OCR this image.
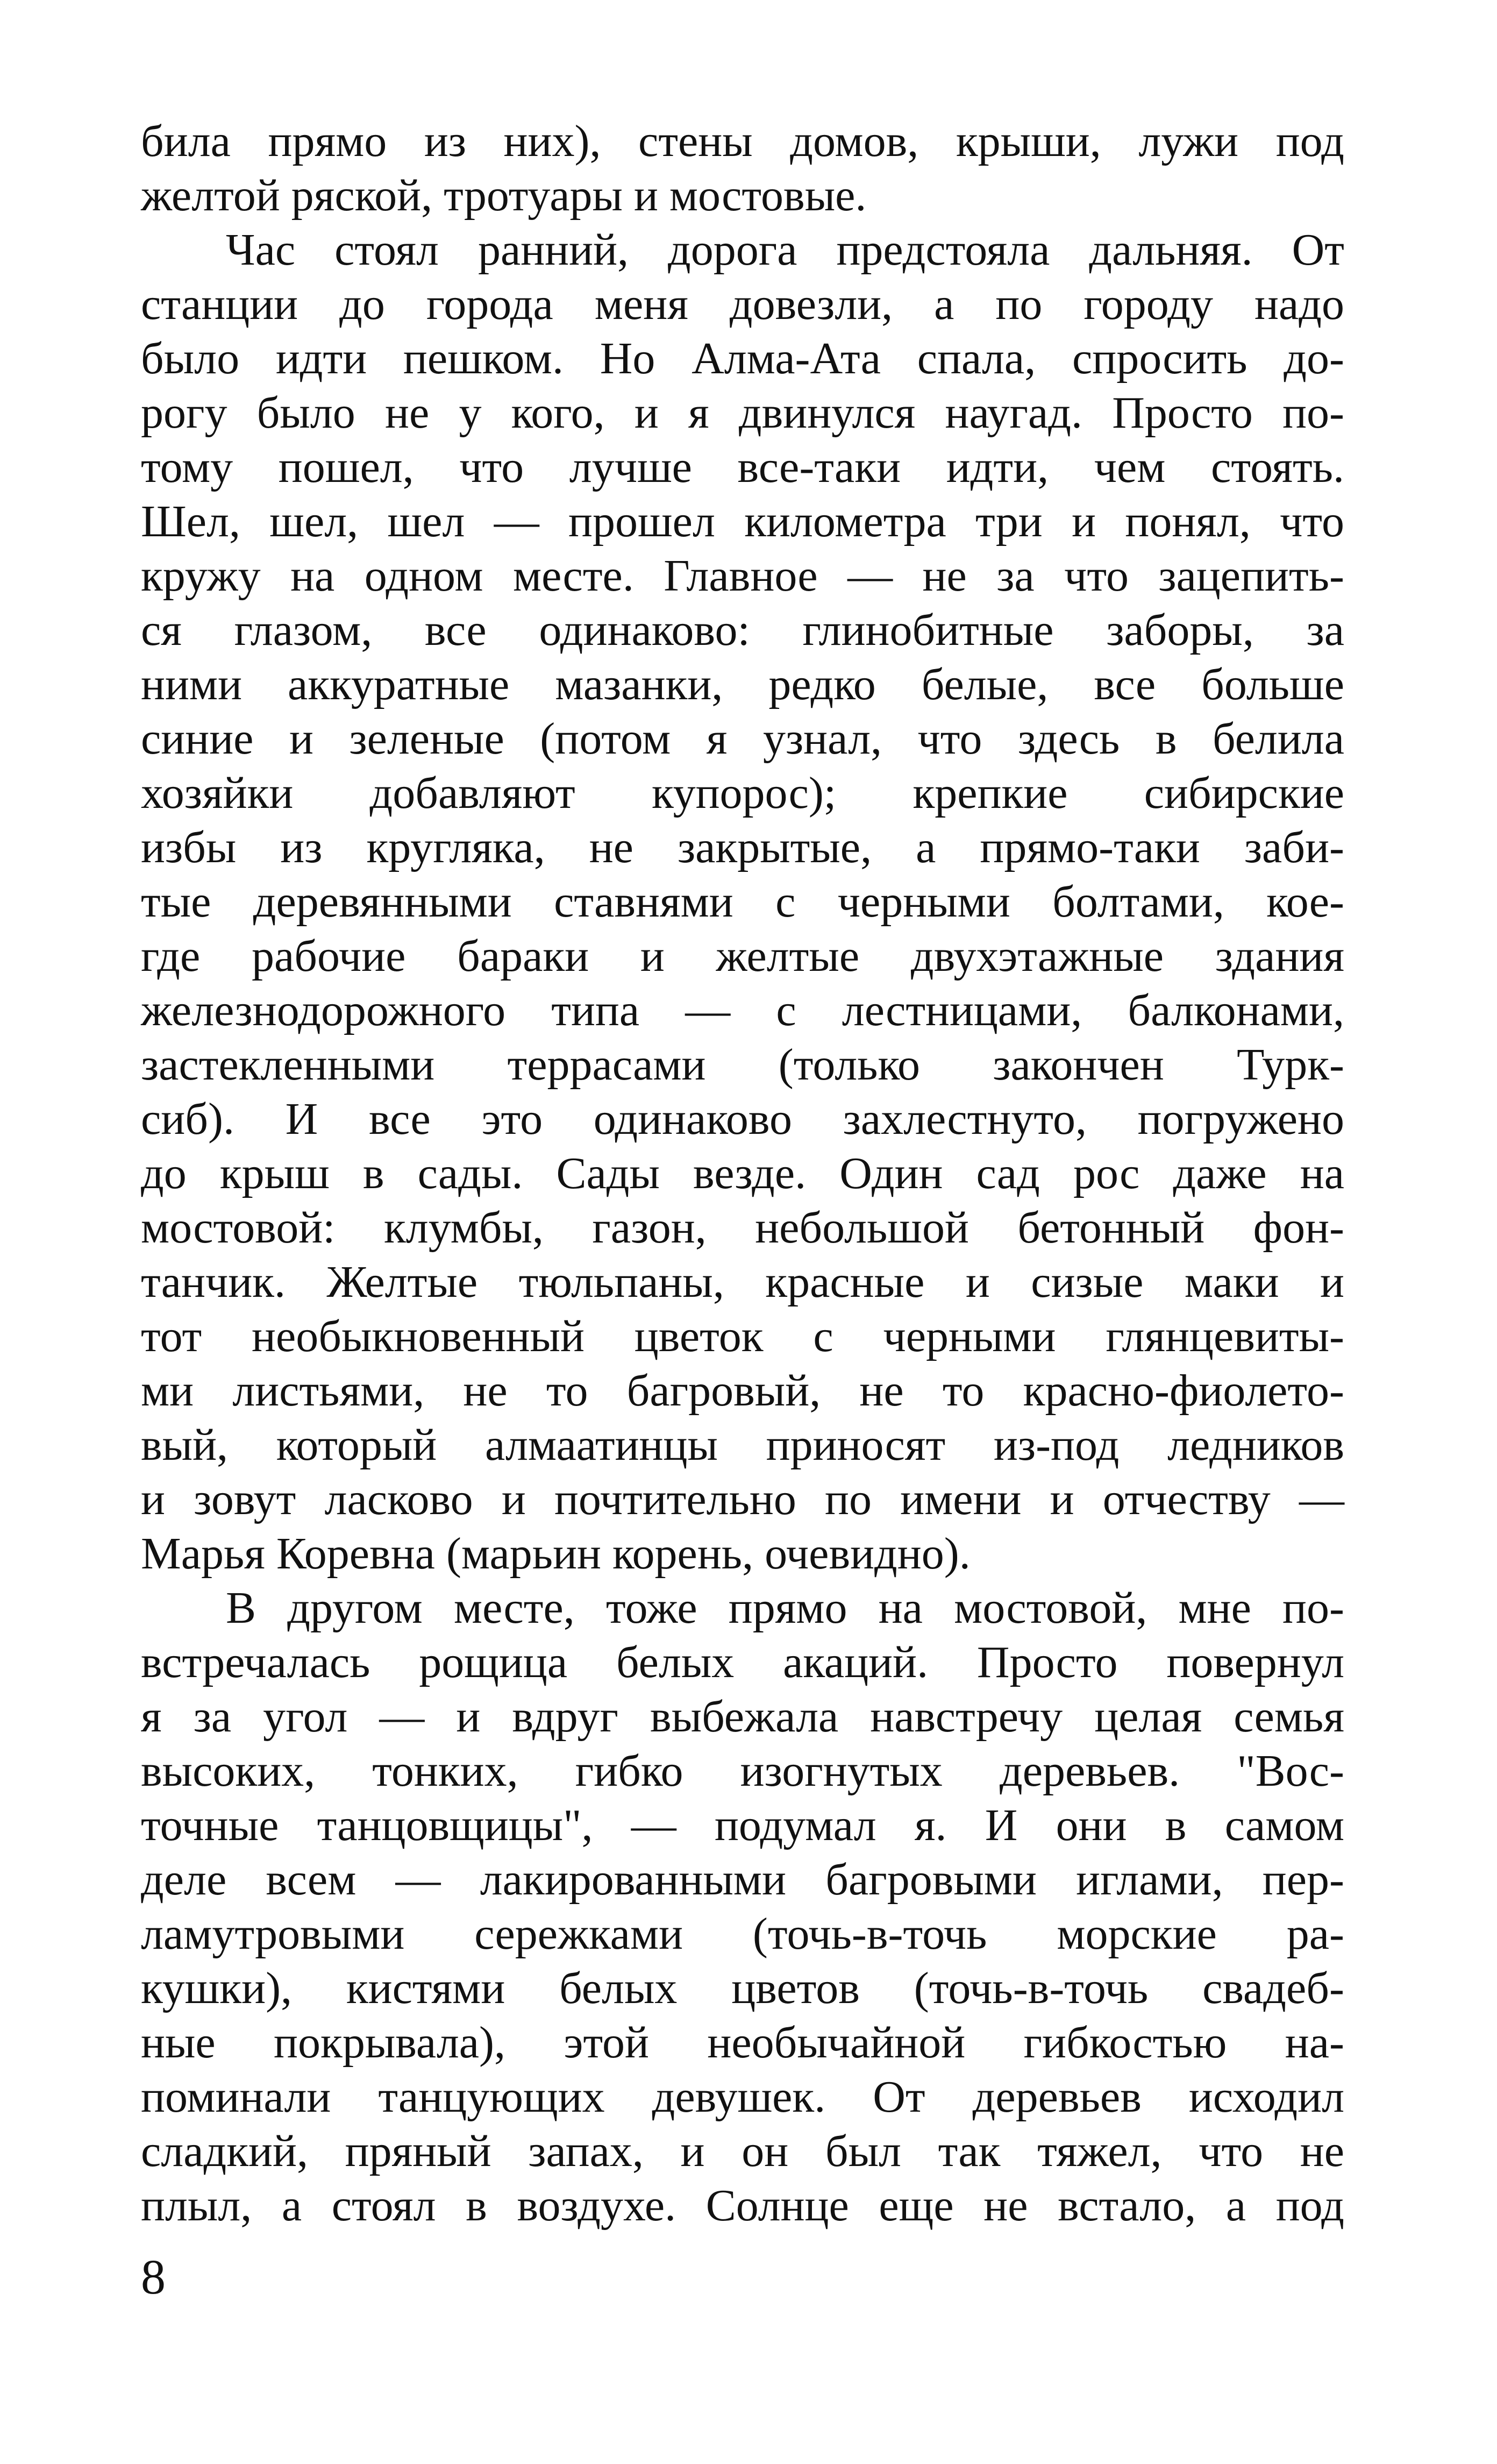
била прямо из них), стены домов, крыши, лужи под
желтой ряской, тротуары и мостовые.
Час стоял ранний, дорога предстояла дальняя. От
станции до города меня довезли, а по городу надо
было идти пешком. Но Алма-Ата спала, спросить до-
рогу было не у кого, и я двинулся наугад. Просто по-
тому пошел, что лучше все-таки идти, чем стоять.
Шел, шел, шел — прошел километра три и понял, что
кружу на одном месте. Главное — не за что зацепить-
ся глазом, все одинаково: глинобитные заборы, за
ними аккуратные мазанки, редко белые, все больше
синие и зеленые (потом я узнал, что здесь в белила
хозяйки добавляют купорос); крепкие сибирские
избы из кругляка, не закрытые, а прямо-таки заби-
тые деревянными ставнями с черными болтами, кое-
где рабочие бараки и желтые двухэтажные здания
железнодорожного типа — с лестницами, балконами,
застекленными террасами (только закончен Турк-
сиб). И все это одинаково захлестнуто, погружено
до крыш в сады. Сады везде. Один сад рос даже на
мостовой: клумбы, газон, небольшой бетонный фон-
танчик. Желтые тюльпаны, красные и сизые маки и
тот необыкновенный цветок с черными глянцевиты-
ми листьями, не то багровый, не то красно-фиолето-
вый, который алмаатинцы приносят из-под ледников
и зовут ласково и почтительно по имени и отчеству —
Марья Коревна (марьин корень, очевидно).
В другом месте, тоже прямо на мостовой, мне по-
встречалась рощица белых акаций. Просто повернул
я за угол — и вдруг выбежала навстречу целая семья
высоких, тонких, гибко изогнутых деревьев. "Вос-
точные танцовщицы", — подумал я. И они в самом
деле всем — лакированными багровыми иглами, пер-
ламутровыми сережками (точь-в-точь морские ра-
кушки), кистями белых цветов (точь-в-точь свадеб-
ные покрывала), этой необычайной гибкостью на-
поминали танцующих девушек. От деревьев исходил
сладкий, пряный запах, и он был так тяжел, что не
плыл, а стоял в воздухе. Солнце еще не встало, а под
8
